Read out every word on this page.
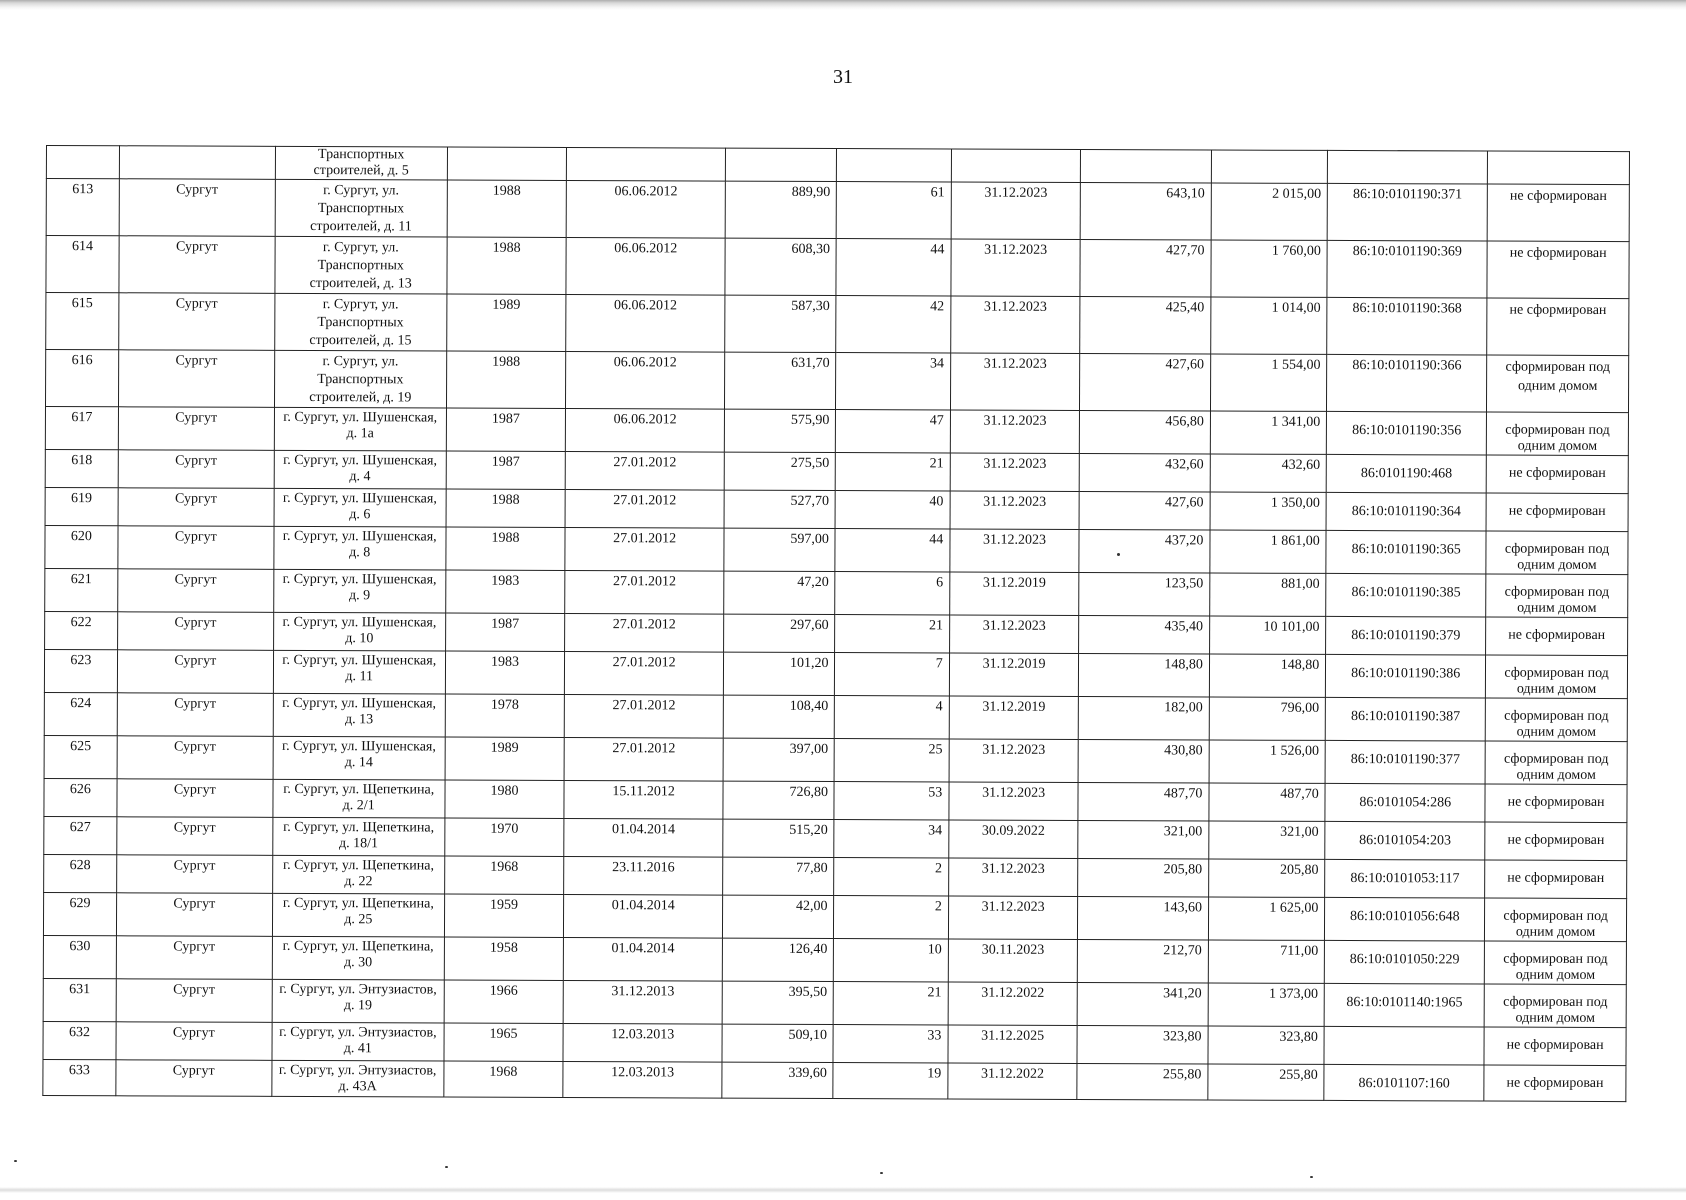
31
		Транспортных строителей, д. 5									
613	Сургут	г. Сургут, ул. Транспортных строителей, д. 11	1988	06.06.2012	889,90	61	31.12.2023	643,10	2 015,00	86:10:0101190:371	не сформирован
614	Сургут	г. Сургут, ул. Транспортных строителей, д. 13	1988	06.06.2012	608,30	44	31.12.2023	427,70	1 760,00	86:10:0101190:369	не сформирован
615	Сургут	г. Сургут, ул. Транспортных строителей, д. 15	1989	06.06.2012	587,30	42	31.12.2023	425,40	1 014,00	86:10:0101190:368	не сформирован
616	Сургут	г. Сургут, ул. Транспортных строителей, д. 19	1988	06.06.2012	631,70	34	31.12.2023	427,60	1 554,00	86:10:0101190:366	сформирован под одним домом
617	Сургут	г. Сургут, ул. Шушенская, д. 1а	1987	06.06.2012	575,90	47	31.12.2023	456,80	1 341,00	86:10:0101190:356	сформирован под одним домом
618	Сургут	г. Сургут, ул. Шушенская, д. 4	1987	27.01.2012	275,50	21	31.12.2023	432,60	432,60	86:0101190:468	не сформирован
619	Сургут	г. Сургут, ул. Шушенская, д. 6	1988	27.01.2012	527,70	40	31.12.2023	427,60	1 350,00	86:10:0101190:364	не сформирован
620	Сургут	г. Сургут, ул. Шушенская, д. 8	1988	27.01.2012	597,00	44	31.12.2023	437,20	1 861,00	86:10:0101190:365	сформирован под одним домом
621	Сургут	г. Сургут, ул. Шушенская, д. 9	1983	27.01.2012	47,20	6	31.12.2019	123,50	881,00	86:10:0101190:385	сформирован под одним домом
622	Сургут	г. Сургут, ул. Шушенская, д. 10	1987	27.01.2012	297,60	21	31.12.2023	435,40	10 101,00	86:10:0101190:379	не сформирован
623	Сургут	г. Сургут, ул. Шушенская, д. 11	1983	27.01.2012	101,20	7	31.12.2019	148,80	148,80	86:10:0101190:386	сформирован под одним домом
624	Сургут	г. Сургут, ул. Шушенская, д. 13	1978	27.01.2012	108,40	4	31.12.2019	182,00	796,00	86:10:0101190:387	сформирован под одним домом
625	Сургут	г. Сургут, ул. Шушенская, д. 14	1989	27.01.2012	397,00	25	31.12.2023	430,80	1 526,00	86:10:0101190:377	сформирован под одним домом
626	Сургут	г. Сургут, ул. Щепеткина, д. 2/1	1980	15.11.2012	726,80	53	31.12.2023	487,70	487,70	86:0101054:286	не сформирован
627	Сургут	г. Сургут, ул. Щепеткина, д. 18/1	1970	01.04.2014	515,20	34	30.09.2022	321,00	321,00	86:0101054:203	не сформирован
628	Сургут	г. Сургут, ул. Щепеткина, д. 22	1968	23.11.2016	77,80	2	31.12.2023	205,80	205,80	86:10:0101053:117	не сформирован
629	Сургут	г. Сургут, ул. Щепеткина, д. 25	1959	01.04.2014	42,00	2	31.12.2023	143,60	1 625,00	86:10:0101056:648	сформирован под одним домом
630	Сургут	г. Сургут, ул. Щепеткина, д. 30	1958	01.04.2014	126,40	10	30.11.2023	212,70	711,00	86:10:0101050:229	сформирован под одним домом
631	Сургут	г. Сургут, ул. Энтузиастов, д. 19	1966	31.12.2013	395,50	21	31.12.2022	341,20	1 373,00	86:10:0101140:1965	сформирован под одним домом
632	Сургут	г. Сургут, ул. Энтузиастов, д. 41	1965	12.03.2013	509,10	33	31.12.2025	323,80	323,80		не сформирован
633	Сургут	г. Сургут, ул. Энтузиастов, д. 43А	1968	12.03.2013	339,60	19	31.12.2022	255,80	255,80	86:0101107:160	не сформирован
